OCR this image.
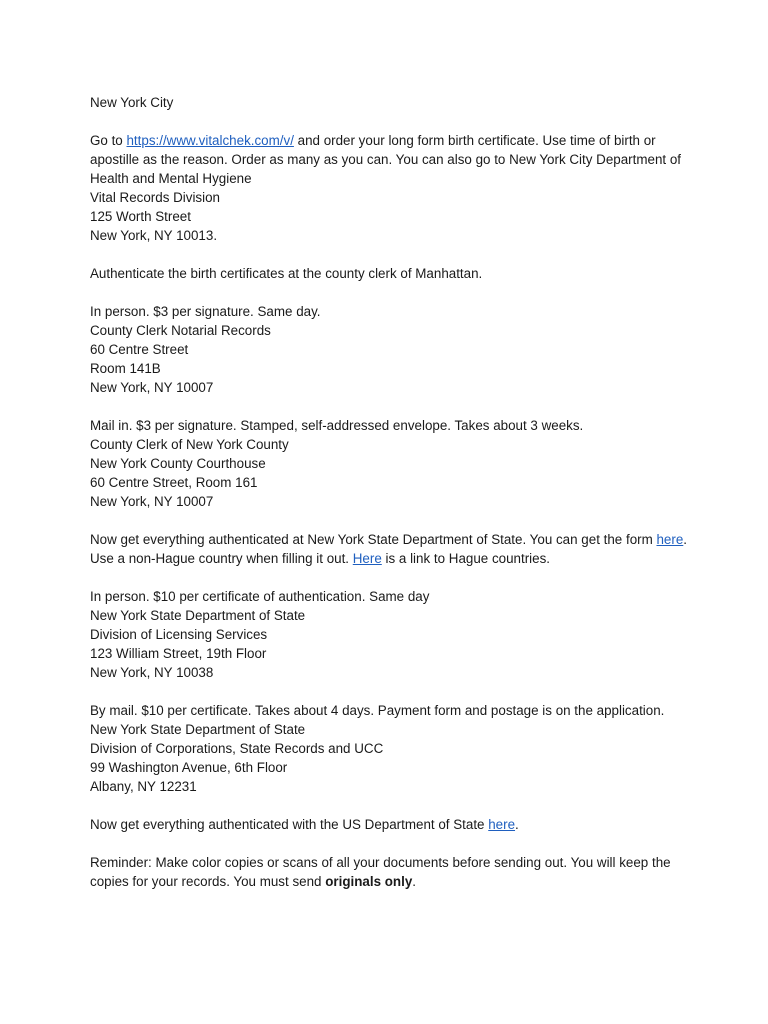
New York City

Go to https://www.vitalchek.com/v/ and order your long form birth certificate. Use time of birth or apostille as the reason. Order as many as you can. You can also go to New York City Department of Health and Mental Hygiene

Vital Records Division

125 Worth Street

New York, NY 10013.

Authenticate the birth certificates at the county clerk of Manhattan.

In person. $3 per signature. Same day.

County Clerk Notarial Records

60 Centre Street

Room 141B

New York, NY 10007

Mail in. $3 per signature. Stamped, self-addressed envelope. Takes about 3 weeks.

County Clerk of New York County

New York County Courthouse

60 Centre Street, Room 161

New York, NY 10007

Now get everything authenticated at New York State Department of State. You can get the form here. Use a non-Hague country when filling it out. Here is a link to Hague countries.

In person. $10 per certificate of authentication. Same day

New York State Department of State

Division of Licensing Services

123 William Street, 19th Floor

New York, NY 10038

By mail. $10 per certificate. Takes about 4 days. Payment form and postage is on the application.

New York State Department of State

Division of Corporations, State Records and UCC

99 Washington Avenue, 6th Floor

Albany, NY 12231

Now get everything authenticated with the US Department of State here.

Reminder: Make color copies or scans of all your documents before sending out. You will keep the copies for your records. You must send originals only.
